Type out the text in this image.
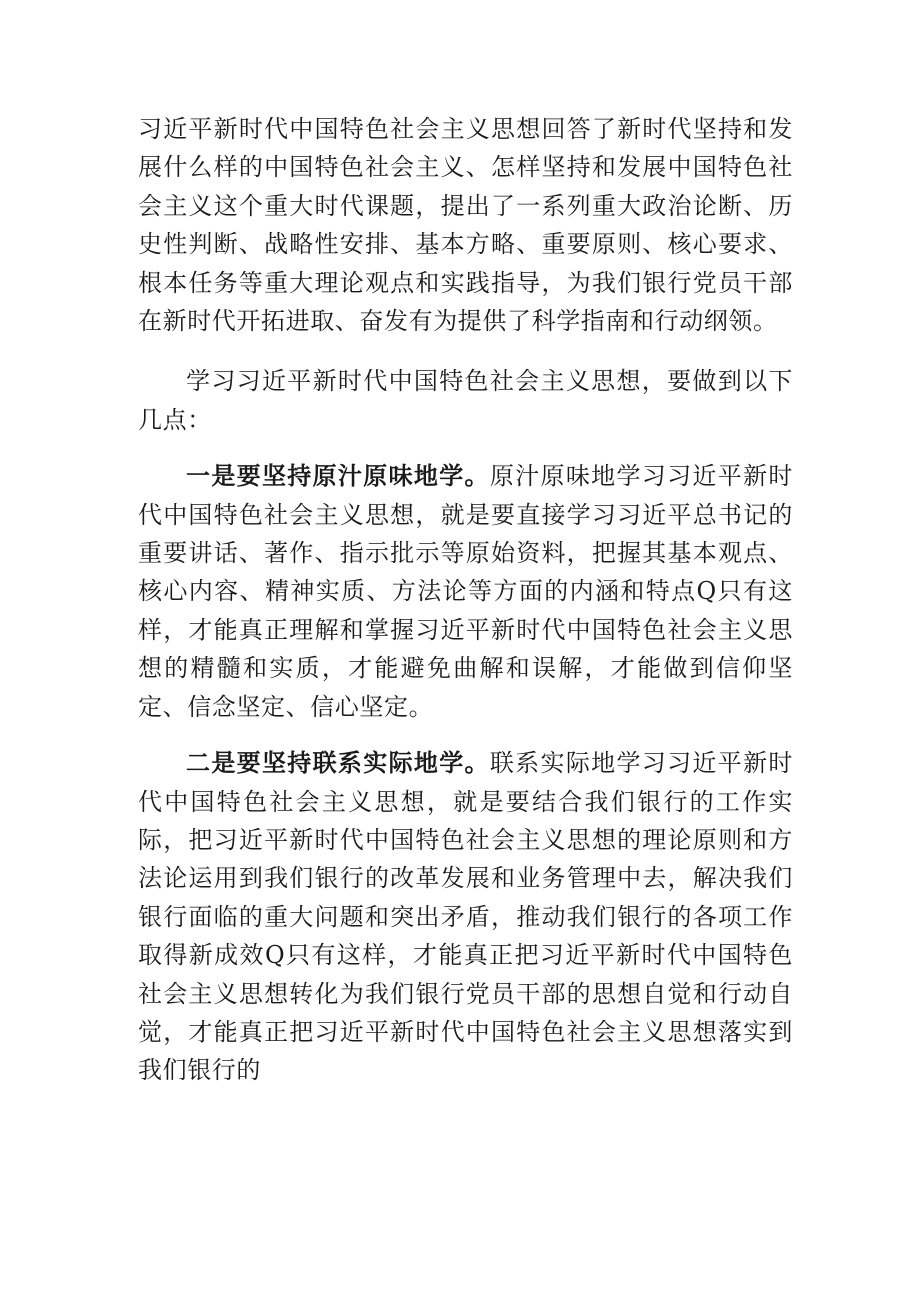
习近平新时代中国特色社会主义思想回答了新时代坚持和发展什么样的中国特色社会主义、怎样坚持和发展中国特色社会主义这个重大时代课题，提出了一系列重大政治论断、历史性判断、战略性安排、基本方略、重要原则、核心要求、根本任务等重大理论观点和实践指导，为我们银行党员干部在新时代开拓进取、奋发有为提供了科学指南和行动纲领。

学习习近平新时代中国特色社会主义思想，要做到以下几点：

一是要坚持原汁原味地学。原汁原味地学习习近平新时代中国特色社会主义思想，就是要直接学习习近平总书记的重要讲话、著作、指示批示等原始资料，把握其基本观点、核心内容、精神实质、方法论等方面的内涵和特点Q只有这样，才能真正理解和掌握习近平新时代中国特色社会主义思想的精髓和实质，才能避免曲解和误解，才能做到信仰坚定、信念坚定、信心坚定。

二是要坚持联系实际地学。联系实际地学习习近平新时代中国特色社会主义思想，就是要结合我们银行的工作实际，把习近平新时代中国特色社会主义思想的理论原则和方法论运用到我们银行的改革发展和业务管理中去，解决我们银行面临的重大问题和突出矛盾，推动我们银行的各项工作取得新成效Q只有这样，才能真正把习近平新时代中国特色社会主义思想转化为我们银行党员干部的思想自觉和行动自觉，才能真正把习近平新时代中国特色社会主义思想落实到我们银行的
